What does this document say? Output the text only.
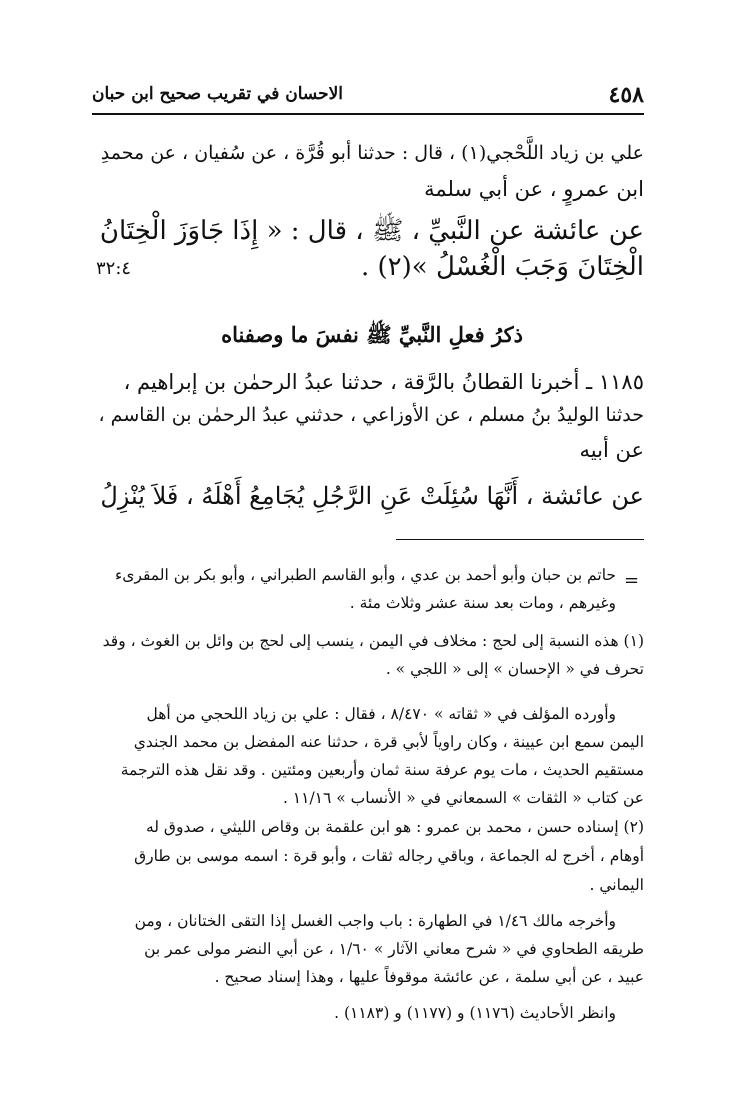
٤٥٨
الاحسان في تقريب صحيح ابن حبان
علي بن زياد اللَّحْجي(١) ، قال : حدثنا أبو قُرَّة ، عن سُفيان ، عن محمدِ
ابن عمروٍ ، عن أبي سلمة
عن عائشة عن النَّبيِّ ، ﷺ ، قال : « إِذَا جَاوَزَ الْخِتَانُ
الْخِتَانَ وَجَبَ الْغُسْلُ »(٢) .
٣٢:٤
ذكرُ فعلِ النَّبيِّ ﷺ نفسَ ما وصفناه
١١٨٥ ـ أخبرنا القطانُ بالرَّقة ، حدثنا عبدُ الرحمٰن بن إبراهيم ،
حدثنا الوليدُ بنُ مسلم ، عن الأوزاعي ، حدثني عبدُ الرحمٰن بن القاسم ،
عن أبيه
عن عائشة ، أَنَّهَا سُئِلَتْ عَنِ الرَّجُلِ يُجَامِعُ أَهْلَهُ ، فَلاَ يُنْزِلُ
=
حاتم بن حبان وأبو أحمد بن عدي ، وأبو القاسم الطبراني ، وأبو بكر بن المقرىء
وغيرهم ، ومات بعد سنة عشر وثلاث مئة .
(١) هذه النسبة إلى لحج : مخلاف في اليمن ، ينسب إلى لحج بن وائل بن الغوث ، وقد
تحرف في « الإحسان » إلى « اللجي » .
وأورده المؤلف في « ثقاته » ٨/٤٧٠ ، فقال : علي بن زياد اللحجي من أهل
اليمن سمع ابن عيينة ، وكان راوياً لأبي قرة ، حدثنا عنه المفضل بن محمد الجندي
مستقيم الحديث ، مات يوم عرفة سنة ثمان وأربعين ومئتين . وقد نقل هذه الترجمة
عن كتاب « الثقات » السمعاني في « الأنساب » ١١/١٦ .
(٢) إسناده حسن ، محمد بن عمرو : هو ابن علقمة بن وقاص الليثي ، صدوق له
أوهام ، أخرج له الجماعة ، وباقي رجاله ثقات ، وأبو قرة : اسمه موسى بن طارق
اليماني .
وأخرجه مالك ١/٤٦ في الطهارة : باب واجب الغسل إذا التقى الختانان ، ومن
طريقه الطحاوي في « شرح معاني الآثار » ١/٦٠ ، عن أبي النضر مولى عمر بن
عبيد ، عن أبي سلمة ، عن عائشة موقوفاً عليها ، وهذا إسناد صحيح .
وانظر الأحاديث (١١٧٦) و (١١٧٧) و (١١٨٣) .
